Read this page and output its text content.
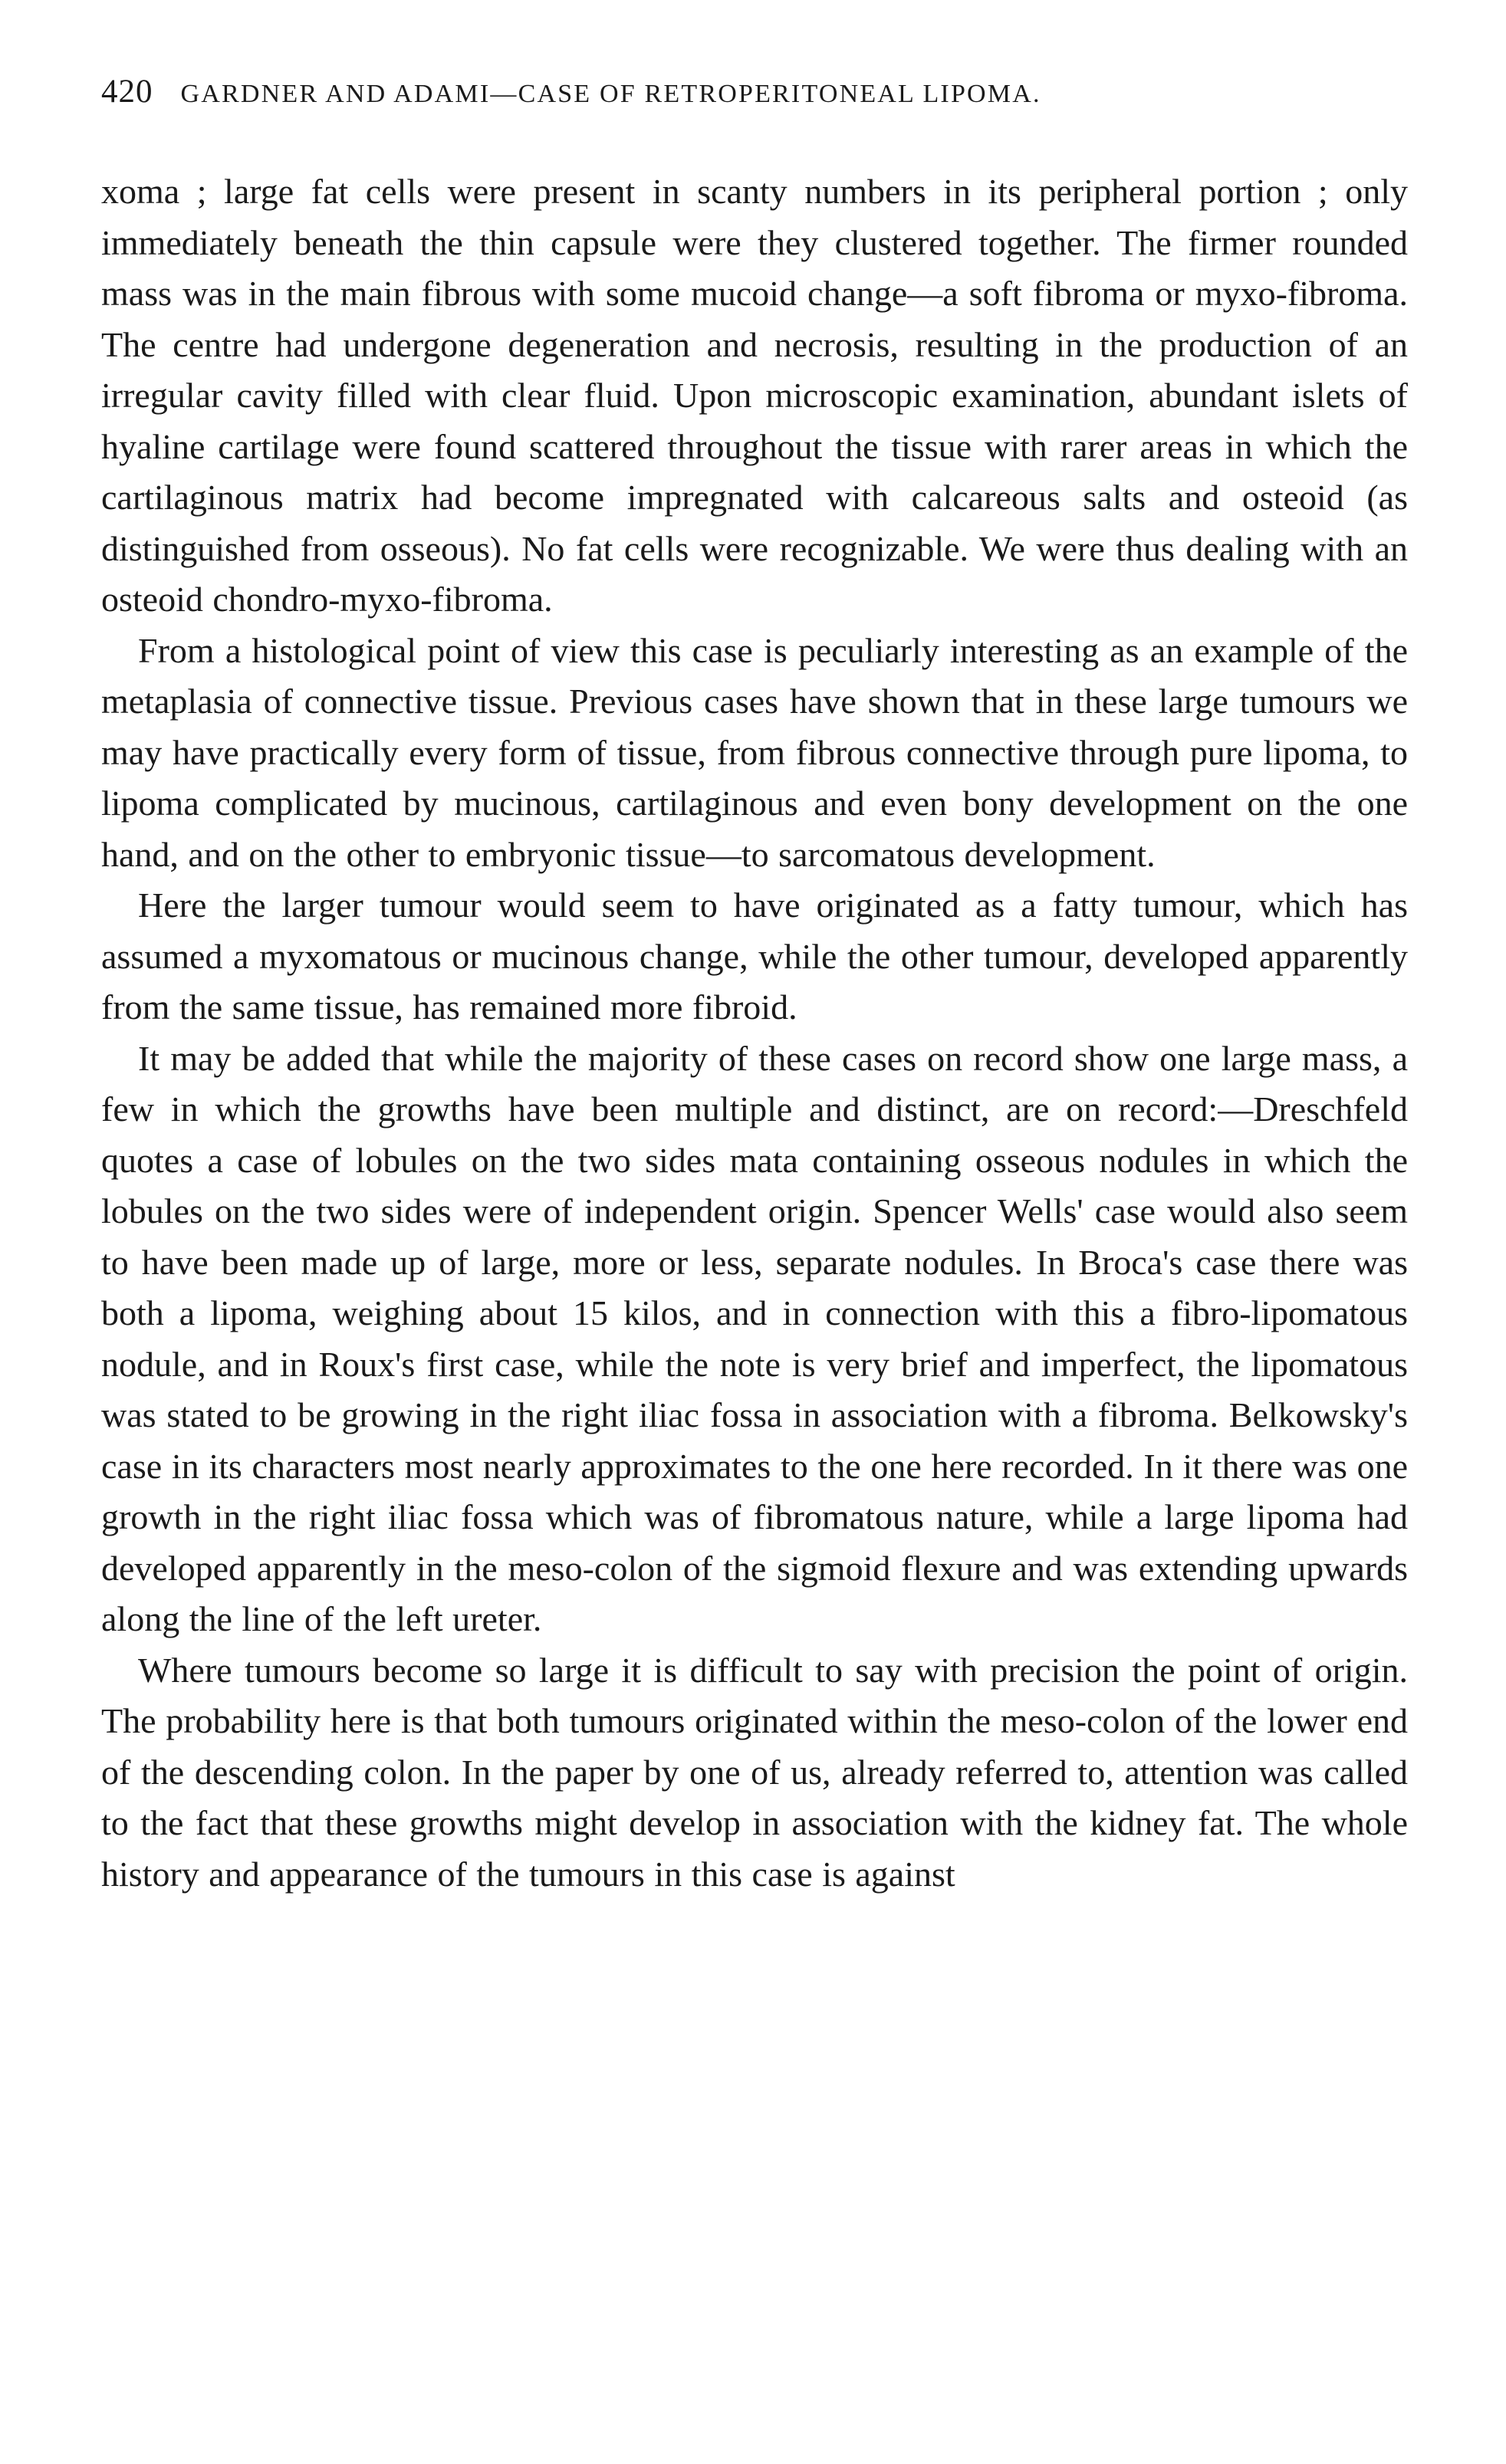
420 GARDNER AND ADAMI—CASE OF RETROPERITONEAL LIPOMA.

xoma ; large fat cells were present in scanty numbers in its peripheral portion ; only immediately beneath the thin capsule were they clustered together. The firmer rounded mass was in the main fibrous with some mucoid change—a soft fibroma or myxo-fibroma. The centre had undergone degeneration and necrosis, resulting in the production of an irregular cavity filled with clear fluid. Upon microscopic examination, abundant islets of hyaline cartilage were found scattered throughout the tissue with rarer areas in which the cartilaginous matrix had become impregnated with calcareous salts and osteoid (as distinguished from osseous). No fat cells were recognizable. We were thus dealing with an osteoid chondro-myxo-fibroma.

From a histological point of view this case is peculiarly interesting as an example of the metaplasia of connective tissue. Previous cases have shown that in these large tumours we may have practically every form of tissue, from fibrous connective through pure lipoma, to lipoma complicated by mucinous, cartilaginous and even bony development on the one hand, and on the other to embryonic tissue—to sarcomatous development.

Here the larger tumour would seem to have originated as a fatty tumour, which has assumed a myxomatous or mucinous change, while the other tumour, developed apparently from the same tissue, has remained more fibroid.

It may be added that while the majority of these cases on record show one large mass, a few in which the growths have been multiple and distinct, are on record:—Dreschfeld quotes a case of lobules on the two sides mata containing osseous nodules in which the lobules on the two sides were of independent origin. Spencer Wells' case would also seem to have been made up of large, more or less, separate nodules. In Broca's case there was both a lipoma, weighing about 15 kilos, and in connection with this a fibro-lipomatous nodule, and in Roux's first case, while the note is very brief and imperfect, the lipomatous was stated to be growing in the right iliac fossa in association with a fibroma. Belkowsky's case in its characters most nearly approximates to the one here recorded. In it there was one growth in the right iliac fossa which was of fibromatous nature, while a large lipoma had developed apparently in the meso-colon of the sigmoid flexure and was extending upwards along the line of the left ureter.

Where tumours become so large it is difficult to say with precision the point of origin. The probability here is that both tumours originated within the meso-colon of the lower end of the descending colon. In the paper by one of us, already referred to, attention was called to the fact that these growths might develop in association with the kidney fat. The whole history and appearance of the tumours in this case is against
